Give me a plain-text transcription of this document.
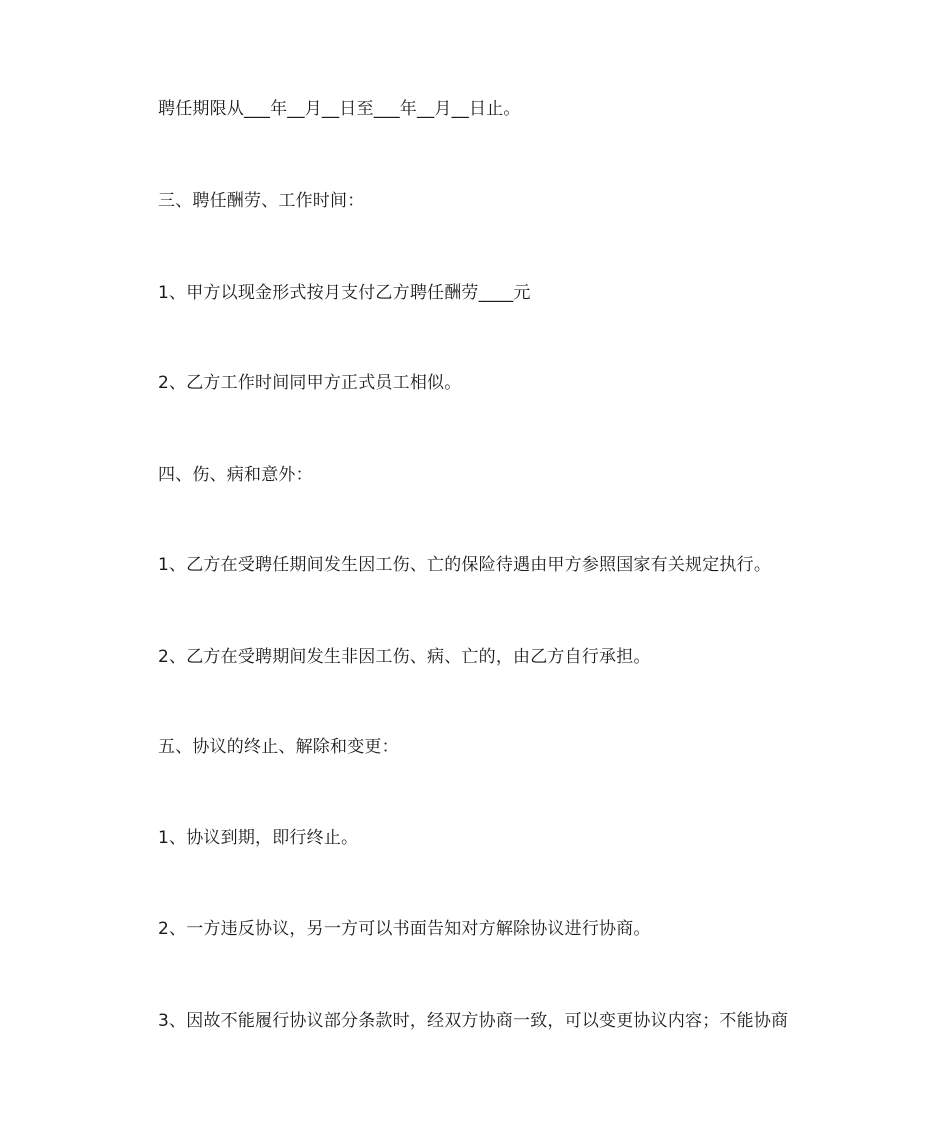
聘任期限从___年__月__日至___年__月__日止。
三、聘任酬劳、工作时间：
1、甲方以现金形式按月支付乙方聘任酬劳____元
2、乙方工作时间同甲方正式员工相似。
四、伤、病和意外：
1、乙方在受聘任期间发生因工伤、亡的保险待遇由甲方参照国家有关规定执行。
2、乙方在受聘期间发生非因工伤、病、亡的，由乙方自行承担。
五、协议的终止、解除和变更：
1、协议到期，即行终止。
2、一方违反协议，另一方可以书面告知对方解除协议进行协商。
3、因故不能履行协议部分条款时，经双方协商一致，可以变更协议内容；不能协商
